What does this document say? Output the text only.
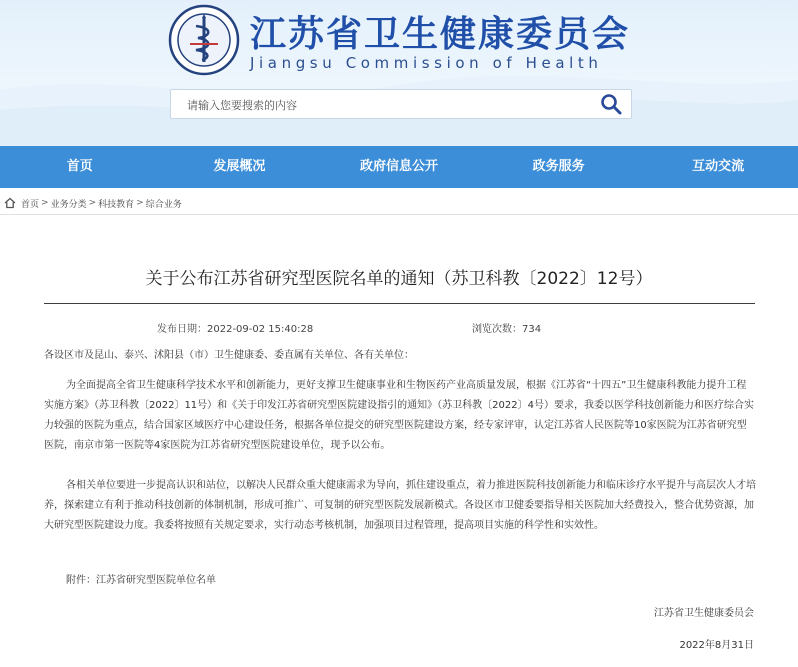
江苏省卫生健康委员会
Jiangsu Commission of Health
请输入您要搜索的内容
首页	发展概况	政府信息公开	政务服务	互动交流
首页 > 业务分类 > 科技教育 > 综合业务
关于公布江苏省研究型医院名单的通知（苏卫科教〔2022〕12号）
发布日期：2022-09-02 15:40:28	浏览次数：734

各设区市及昆山、泰兴、沭阳县（市）卫生健康委、委直属有关单位、各有关单位：

为全面提高全省卫生健康科学技术水平和创新能力，更好支撑卫生健康事业和生物医药产业高质量发展，根据《江苏省“十四五”卫生健康科教能力提升工程实施方案》（苏卫科教〔2022〕11号）和《关于印发江苏省研究型医院建设指引的通知》（苏卫科教〔2022〕4号）要求，我委以医学科技创新能力和医疗综合实力较强的医院为重点，结合国家区域医疗中心建设任务，根据各单位提交的研究型医院建设方案，经专家评审，认定江苏省人民医院等10家医院为江苏省研究型医院，南京市第一医院等4家医院为江苏省研究型医院建设单位，现予以公布。

各相关单位要进一步提高认识和站位，以解决人民群众重大健康需求为导向，抓住建设重点，着力推进医院科技创新能力和临床诊疗水平提升与高层次人才培养，探索建立有利于推动科技创新的体制机制，形成可推广、可复制的研究型医院发展新模式。各设区市卫健委要指导相关医院加大经费投入，整合优势资源，加大研究型医院建设力度。我委将按照有关规定要求，实行动态考核机制，加强项目过程管理，提高项目实施的科学性和实效性。

附件：江苏省研究型医院单位名单

江苏省卫生健康委员会

2022年8月31日
